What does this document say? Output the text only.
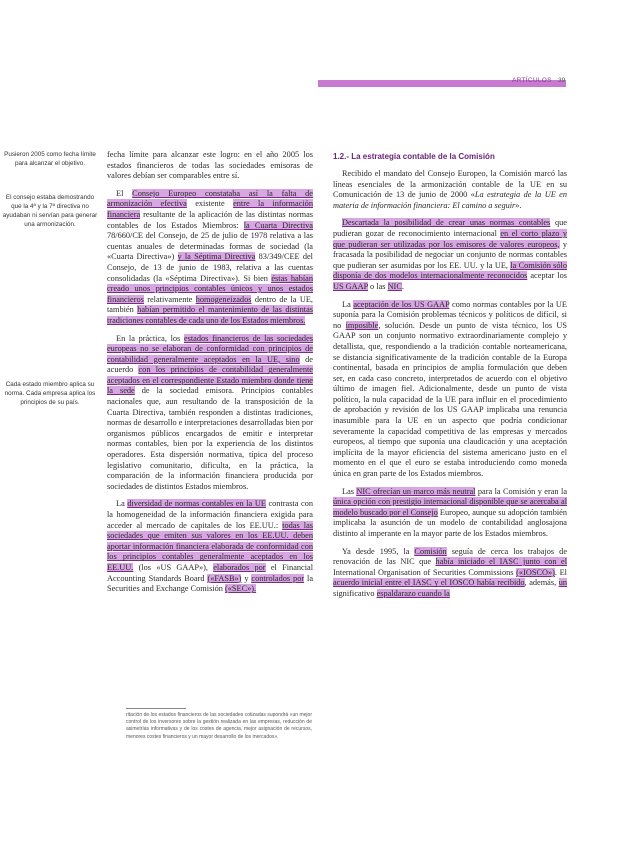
ARTÍCULOS 39
Pusieron 2005 como fecha límite para alcanzar el objetivo.
El consejo estaba demostrando que la 4ª y la 7ª directiva no ayudaban ni servían para generar una armonización.
Cada estado miembro aplica su norma. Cada empresa aplica los principios de su país.

fecha límite para alcanzar este logro: en el año 2005 los estados financieros de todas las sociedades emisoras de valores debían ser comparables entre sí.

El Consejo Europeo constataba así la falta de armonización efectiva existente entre la información financiera resultante de la aplicación de las distintas normas contables de los Estados Miembros: la Cuarta Directiva 78/660/CE del Consejo, de 25 de julio de 1978 relativa a las cuentas anuales de determinadas formas de sociedad (la «Cuarta Directiva») y la Séptima Directiva 83/349/CEE del Consejo, de 13 de junio de 1983, relativa a las cuentas consolidadas (la «Séptima Directiva»). Si bien éstas habían creado unos principios contables únicos y unos estados financieros relativamente homogeneizados dentro de la UE, también habían permitido el mantenimiento de las distintas tradiciones contables de cada uno de los Estados miembros.

En la práctica, los estados financieros de las sociedades europeas no se elaboran de conformidad con principios de contabilidad generalmente aceptados en la UE, sino de acuerdo con los principios de contabilidad generalmente aceptados en el correspondiente Estado miembro donde tiene la sede de la sociedad emisora. Principios contables nacionales que, aun resultando de la transposición de la Cuarta Directiva, también responden a distintas tradiciones, normas de desarrollo e interpretaciones desarrolladas bien por organismos públicos encargados de emitir e interpretar normas contables, bien por la experiencia de los distintos operadores. Esta dispersión normativa, típica del proceso legislativo comunitario, dificulta, en la práctica, la comparación de la información financiera producida por sociedades de distintos Estados miembros.

La diversidad de normas contables en la UE contrasta con la homogeneidad de la información financiera exigida para acceder al mercado de capitales de los EE.UU.: todas las sociedades que emiten sus valores en los EE.UU. deben aportar información financiera elaborada de conformidad con los principios contables generalmente aceptados en los EE.UU. (los «US GAAP»), elaborados por el Financial Accounting Standards Board («FASB») y controlados por la Securities and Exchange Comisión («SEC»).

1.2.- La estrategia contable de la Comisión

Recibido el mandato del Consejo Europeo, la Comisión marcó las líneas esenciales de la armonización contable de la UE en su Comunicación de 13 de junio de 2000 «La estrategia de la UE en materia de información financiera: El camino a seguir».

Descartada la posibilidad de crear unas normas contables que pudieran gozar de reconocimiento internacional en el corto plazo y que pudieran ser utilizadas por los emisores de valores europeos, y fracasada la posibilidad de negociar un conjunto de normas contables que pudieran ser asumidas por los EE. UU. y la UE, la Comisión sólo disponía de dos modelos internacionalmente reconocidos aceptar los US GAAP o las NIC.

La aceptación de los US GAAP como normas contables por la UE suponía para la Comisión problemas técnicos y políticos de difícil, si no imposible, solución. Desde un punto de vista técnico, los US GAAP son un conjunto normativo extraordinariamente complejo y detallista, que, respondiendo a la tradición contable norteamericana, se distancia significativamente de la tradición contable de la Europa continental, basada en principios de amplia formulación que deben ser, en cada caso concreto, interpretados de acuerdo con el objetivo último de imagen fiel. Adicionalmente, desde un punto de vista político, la nula capacidad de la UE para influir en el procedimiento de aprobación y revisión de los US GAAP implicaba una renuncia inasumible para la UE en un aspecto que podría condicionar severamente la capacidad competitiva de las empresas y mercados europeos, al tiempo que suponía una claudicación y una aceptación implícita de la mayor eficiencia del sistema americano justo en el momento en el que el euro se estaba introduciendo como moneda única en gran parte de los Estados miembros.

Las NIC ofrecían un marco más neutral para la Comisión y eran la única opción con prestigio internacional disponible que se acercaba al modelo buscado por el Consejo Europeo, aunque su adopción también implicaba la asunción de un modelo de contabilidad anglosajona distinto al imperante en la mayor parte de los Estados miembros.

Ya desde 1995, la Comisión seguía de cerca los trabajos de renovación de las NIC que había iniciado el IASC junto con el International Organisation of Securities Commissions («IOSCO»). El acuerdo inicial entre el IASC y el IOSCO había recibido, además, un significativo espaldarazo cuando la

ritación de los estados financieros de las sociedades cotizadas supondrá «un mejor control de los inversores sobre la gestión realizada en las empresas, reducción de asimetrías informativas y de los costes de agencia, mejor asignación de recursos, menores costes financieros y un mayor desarrollo de los mercados».
